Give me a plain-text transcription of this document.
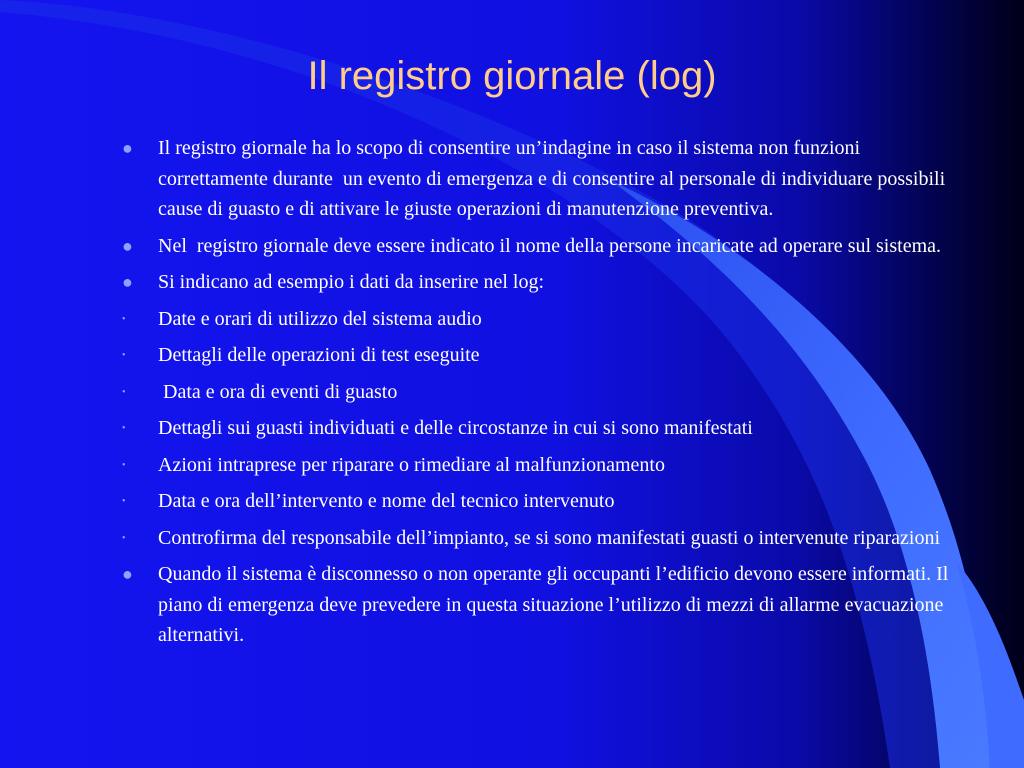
Il registro giornale (log)
● Il registro giornale ha lo scopo di consentire un’indagine in caso il sistema non funzioni correttamente durante  un evento di emergenza e di consentire al personale di individuare possibili cause di guasto e di attivare le giuste operazioni di manutenzione preventiva.
● Nel  registro giornale deve essere indicato il nome della persone incaricate ad operare sul sistema.
● Si indicano ad esempio i dati da inserire nel log:
• Date e orari di utilizzo del sistema audio
• Dettagli delle operazioni di test eseguite
• Data e ora di eventi di guasto
• Dettagli sui guasti individuati e delle circostanze in cui si sono manifestati
• Azioni intraprese per riparare o rimediare al malfunzionamento
• Data e ora dell’intervento e nome del tecnico intervenuto
• Controfirma del responsabile dell’impianto, se si sono manifestati guasti o intervenute riparazioni
● Quando il sistema è disconnesso o non operante gli occupanti l’edificio devono essere informati. Il piano di emergenza deve prevedere in questa situazione l’utilizzo di mezzi di allarme evacuazione alternativi.
